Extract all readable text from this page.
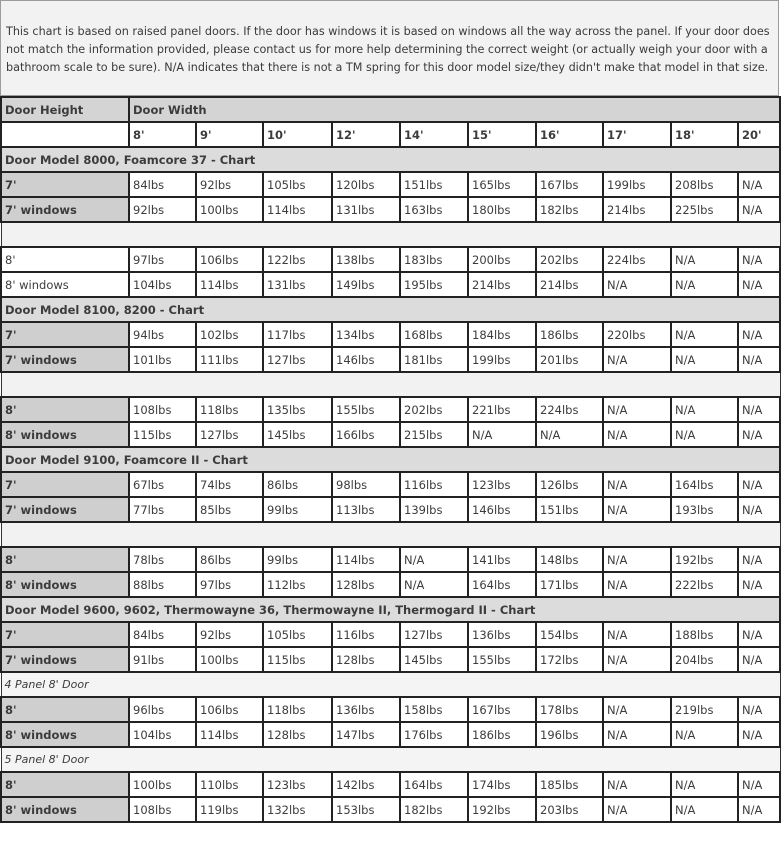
This chart is based on raised panel doors. If the door has windows it is based on windows all the way across the panel. If your door does not match the information provided, please contact us for more help determining the correct weight (or actually weigh your door with a bathroom scale to be sure). N/A indicates that there is not a TM spring for this door model size/they didn't make that model in that size.
Door Height	Door Width									
	8'	9'	10'	12'	14'	15'	16'	17'	18'	20'
Door Model 8000, Foamcore 37 - Chart										
7'	84lbs	92lbs	105lbs	120lbs	151lbs	165lbs	167lbs	199lbs	208lbs	N/A
7' windows	92lbs	100lbs	114lbs	131lbs	163lbs	180lbs	182lbs	214lbs	225lbs	N/A

8'	97lbs	106lbs	122lbs	138lbs	183lbs	200lbs	202lbs	224lbs	N/A	N/A
8' windows	104lbs	114lbs	131lbs	149lbs	195lbs	214lbs	214lbs	N/A	N/A	N/A
Door Model 8100, 8200 - Chart										
7'	94lbs	102lbs	117lbs	134lbs	168lbs	184lbs	186lbs	220lbs	N/A	N/A
7' windows	101lbs	111lbs	127lbs	146lbs	181lbs	199lbs	201lbs	N/A	N/A	N/A

8'	108lbs	118lbs	135lbs	155lbs	202lbs	221lbs	224lbs	N/A	N/A	N/A
8' windows	115lbs	127lbs	145lbs	166lbs	215lbs	N/A	N/A	N/A	N/A	N/A
Door Model 9100, Foamcore II - Chart										
7'	67lbs	74lbs	86lbs	98lbs	116lbs	123lbs	126lbs	N/A	164lbs	N/A
7' windows	77lbs	85lbs	99lbs	113lbs	139lbs	146lbs	151lbs	N/A	193lbs	N/A

8'	78lbs	86lbs	99lbs	114lbs	N/A	141lbs	148lbs	N/A	192lbs	N/A
8' windows	88lbs	97lbs	112lbs	128lbs	N/A	164lbs	171lbs	N/A	222lbs	N/A
Door Model 9600, 9602, Thermowayne 36, Thermowayne II, Thermogard II - Chart										
7'	84lbs	92lbs	105lbs	116lbs	127lbs	136lbs	154lbs	N/A	188lbs	N/A
7' windows	91lbs	100lbs	115lbs	128lbs	145lbs	155lbs	172lbs	N/A	204lbs	N/A
4 Panel 8' Door										
8'	96lbs	106lbs	118lbs	136lbs	158lbs	167lbs	178lbs	N/A	219lbs	N/A
8' windows	104lbs	114lbs	128lbs	147lbs	176lbs	186lbs	196lbs	N/A	N/A	N/A
5 Panel 8' Door										
8'	100lbs	110lbs	123lbs	142lbs	164lbs	174lbs	185lbs	N/A	N/A	N/A
8' windows	108lbs	119lbs	132lbs	153lbs	182lbs	192lbs	203lbs	N/A	N/A	N/A
